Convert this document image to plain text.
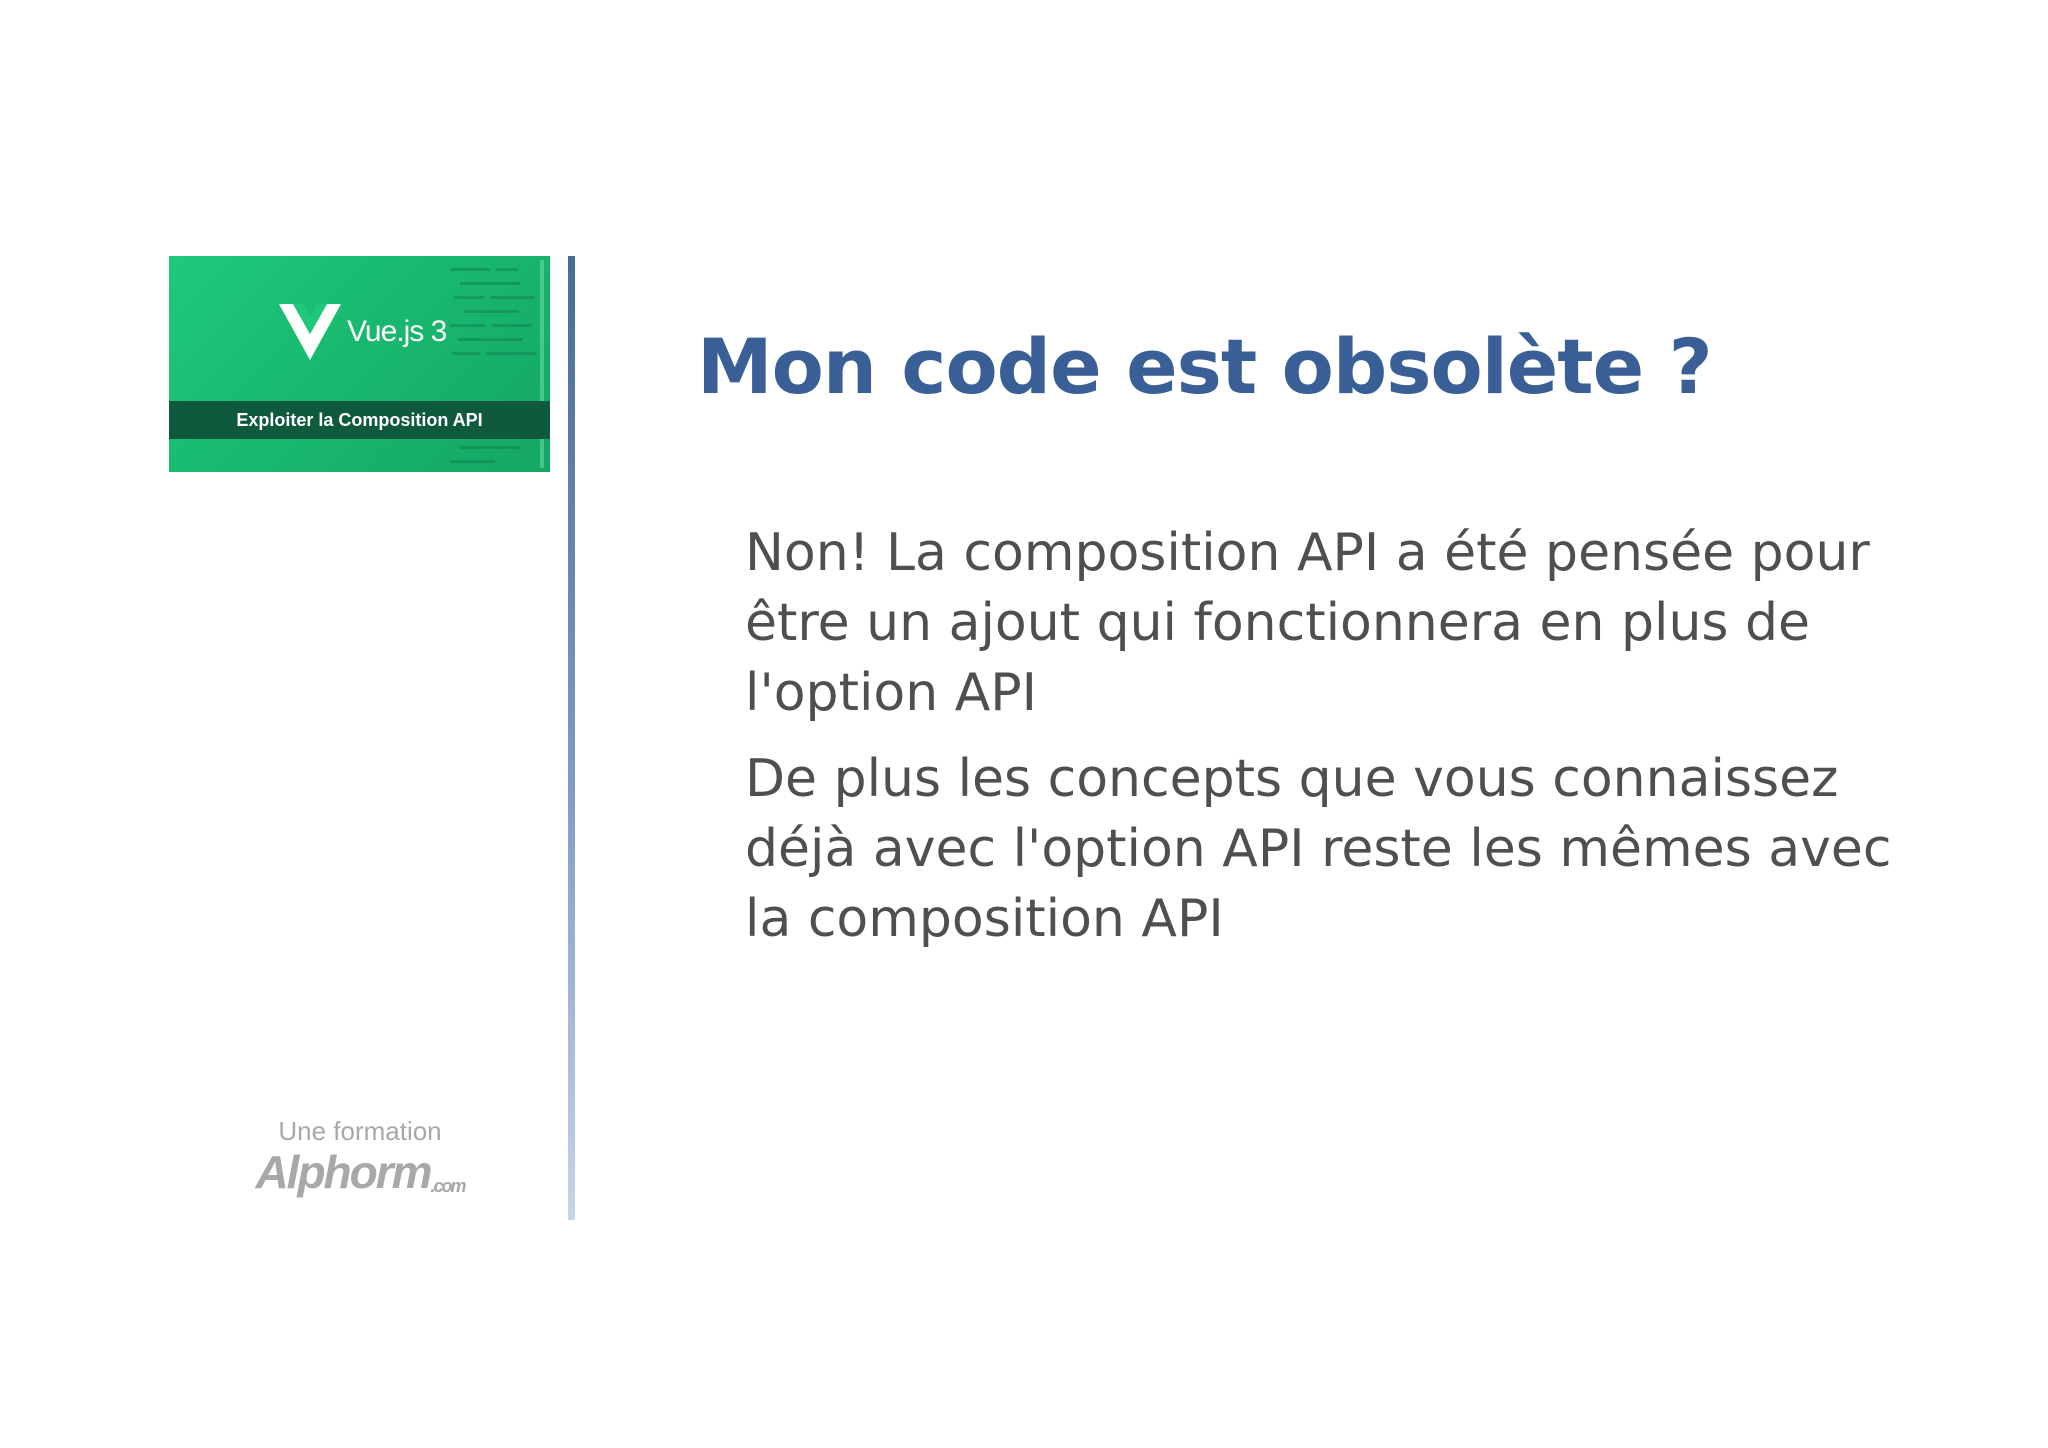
Vue.js 3
Exploiter la Composition API
Une formation
Alphorm.com
Mon code est obsolète ?

Non! La composition API a été pensée pour
être un ajout qui fonctionnera en plus de
l'option API

De plus les concepts que vous connaissez
déjà avec l'option API reste les mêmes avec
la composition API
